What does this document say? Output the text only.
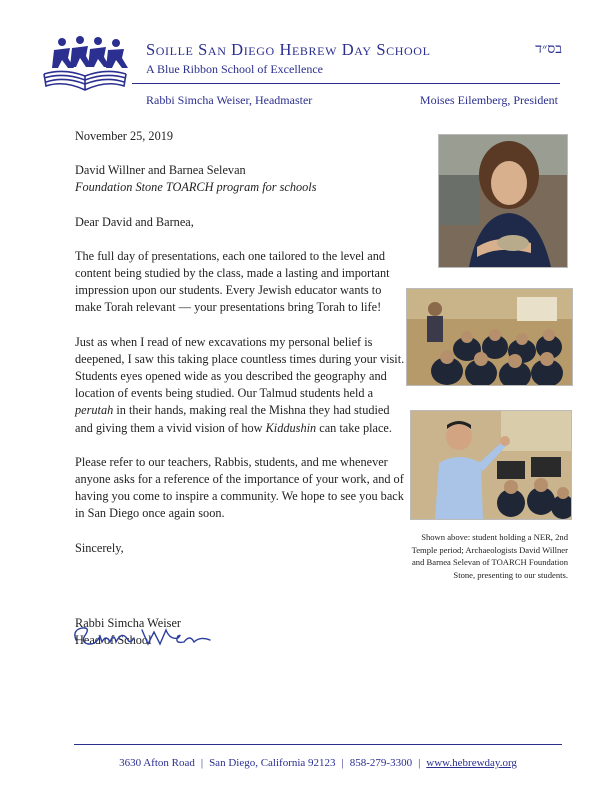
Soille San Diego Hebrew Day School
A Blue Ribbon School of Excellence
בס״ד
Rabbi Simcha Weiser, Headmaster	Moises Eilemberg, President

November 25, 2019

David Willner and Barnea Selevan
Foundation Stone TOARCH program for schools

Dear David and Barnea,

The full day of presentations, each one tailored to the level and content being studied by the class, made a lasting and important impression upon our students. Every Jewish educator wants to make Torah relevant — your presentations bring Torah to life!

Just as when I read of new excavations my personal belief is deepened, I saw this taking place countless times during your visit. Students eyes opened wide as you described the geography and location of events being studied. Our Talmud students held a perutah in their hands, making real the Mishna they had studied and giving them a vivid vision of how Kiddushin can take place.

Please refer to our teachers, Rabbis, students, and me whenever anyone asks for a reference of the importance of your work, and of having you come to inspire a community. We hope to see you back in San Diego once again soon.

Sincerely,

Rabbi Simcha Weiser
Head of School

Shown above: student holding a NER, 2nd Temple period; Archaeologists David Willner and Barnea Selevan of TOARCH Foundation Stone, presenting to our students.
3630 Afton Road | San Diego, California 92123 | 858-279-3300 | www.hebrewday.org
